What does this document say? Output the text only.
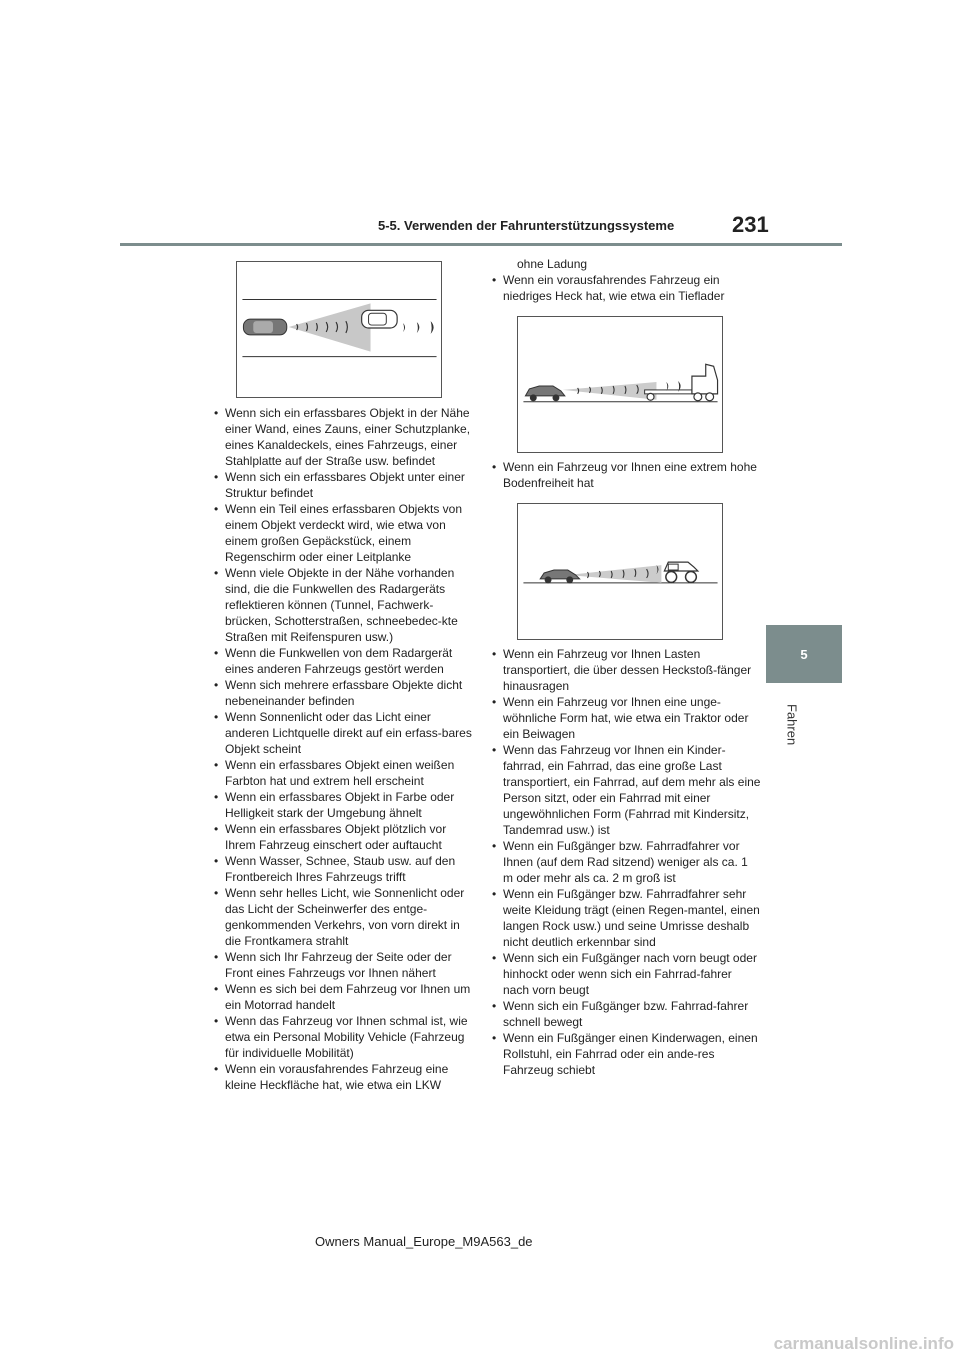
5-5. Verwenden der Fahrunterstützungssysteme	231
5
Fahren
• Wenn sich ein erfassbares Objekt in der Nähe einer Wand, eines Zauns, einer Schutzplanke, eines Kanaldeckels, eines Fahrzeugs, einer Stahlplatte auf der Straße usw. befindet
• Wenn sich ein erfassbares Objekt unter einer Struktur befindet
• Wenn ein Teil eines erfassbaren Objekts von einem Objekt verdeckt wird, wie etwa von einem großen Gepäckstück, einem Regenschirm oder einer Leitplanke
• Wenn viele Objekte in der Nähe vorhanden sind, die die Funkwellen des Radargeräts reflektieren können (Tunnel, Fachwerk-brücken, Schotterstraßen, schneebedec-kte Straßen mit Reifenspuren usw.)
• Wenn die Funkwellen von dem Radargerät eines anderen Fahrzeugs gestört werden
• Wenn sich mehrere erfassbare Objekte dicht nebeneinander befinden
• Wenn Sonnenlicht oder das Licht einer anderen Lichtquelle direkt auf ein erfass-bares Objekt scheint
• Wenn ein erfassbares Objekt einen weißen Farbton hat und extrem hell erscheint
• Wenn ein erfassbares Objekt in Farbe oder Helligkeit stark der Umgebung ähnelt
• Wenn ein erfassbares Objekt plötzlich vor Ihrem Fahrzeug einschert oder auftaucht
• Wenn Wasser, Schnee, Staub usw. auf den Frontbereich Ihres Fahrzeugs trifft
• Wenn sehr helles Licht, wie Sonnenlicht oder das Licht der Scheinwerfer des entge-genkommenden Verkehrs, von vorn direkt in die Frontkamera strahlt
• Wenn sich Ihr Fahrzeug der Seite oder der Front eines Fahrzeugs vor Ihnen nähert
• Wenn es sich bei dem Fahrzeug vor Ihnen um ein Motorrad handelt
• Wenn das Fahrzeug vor Ihnen schmal ist, wie etwa ein Personal Mobility Vehicle (Fahrzeug für individuelle Mobilität)
• Wenn ein vorausfahrendes Fahrzeug eine kleine Heckfläche hat, wie etwa ein LKW
ohne Ladung
• Wenn ein vorausfahrendes Fahrzeug ein niedriges Heck hat, wie etwa ein Tieflader
• Wenn ein Fahrzeug vor Ihnen eine extrem hohe Bodenfreiheit hat
• Wenn ein Fahrzeug vor Ihnen Lasten transportiert, die über dessen Heckstoß-fänger hinausragen
• Wenn ein Fahrzeug vor Ihnen eine unge-wöhnliche Form hat, wie etwa ein Traktor oder ein Beiwagen
• Wenn das Fahrzeug vor Ihnen ein Kinder-fahrrad, ein Fahrrad, das eine große Last transportiert, ein Fahrrad, auf dem mehr als eine Person sitzt, oder ein Fahrrad mit einer ungewöhnlichen Form (Fahrrad mit Kindersitz, Tandemrad usw.) ist
• Wenn ein Fußgänger bzw. Fahrradfahrer vor Ihnen (auf dem Rad sitzend) weniger als ca. 1 m oder mehr als ca. 2 m groß ist
• Wenn ein Fußgänger bzw. Fahrradfahrer sehr weite Kleidung trägt (einen Regen-mantel, einen langen Rock usw.) und seine Umrisse deshalb nicht deutlich erkennbar sind
• Wenn sich ein Fußgänger nach vorn beugt oder hinhockt oder wenn sich ein Fahrrad-fahrer nach vorn beugt
• Wenn sich ein Fußgänger bzw. Fahrrad-fahrer schnell bewegt
• Wenn ein Fußgänger einen Kinderwagen, einen Rollstuhl, ein Fahrrad oder ein ande-res Fahrzeug schiebt
Owners Manual_Europe_M9A563_de
carmanualsonline.info
